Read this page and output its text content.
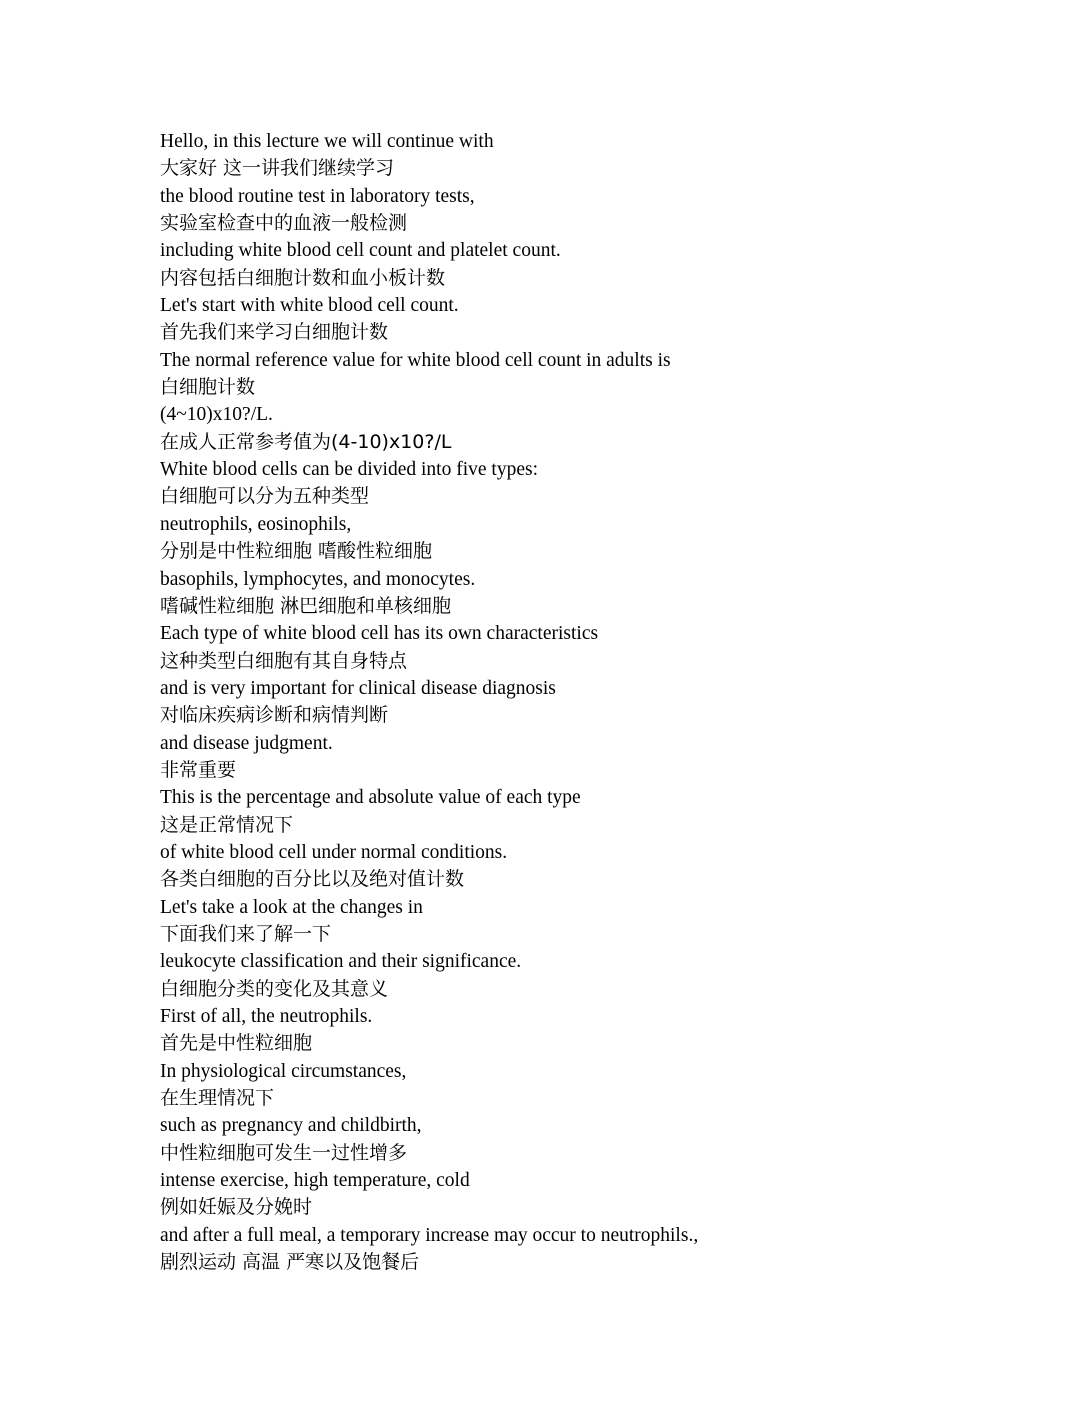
Hello, in this lecture we will continue with
大家好 这一讲我们继续学习
the blood routine test in laboratory tests,
实验室检查中的血液一般检测
including white blood cell count and platelet count.
内容包括白细胞计数和血小板计数
Let's start with white blood cell count.
首先我们来学习白细胞计数
The normal reference value for white blood cell count in adults is
白细胞计数
(4~10)x10?/L.
在成人正常参考值为(4-10)x10?/L
White blood cells can be divided into five types:
白细胞可以分为五种类型
neutrophils, eosinophils,
分别是中性粒细胞 嗜酸性粒细胞
basophils, lymphocytes, and monocytes.
嗜碱性粒细胞 淋巴细胞和单核细胞
Each type of white blood cell has its own characteristics
这种类型白细胞有其自身特点
and is very important for clinical disease diagnosis
对临床疾病诊断和病情判断
and disease judgment.
非常重要
This is the percentage and absolute value of each type
这是正常情况下
of white blood cell under normal conditions.
各类白细胞的百分比以及绝对值计数
Let's take a look at the changes in
下面我们来了解一下
leukocyte classification and their significance.
白细胞分类的变化及其意义
First of all, the neutrophils.
首先是中性粒细胞
In physiological circumstances,
在生理情况下
such as pregnancy and childbirth,
中性粒细胞可发生一过性增多
intense exercise, high temperature, cold
例如妊娠及分娩时
and after a full meal, a temporary increase may occur to neutrophils.,
剧烈运动 高温 严寒以及饱餐后
